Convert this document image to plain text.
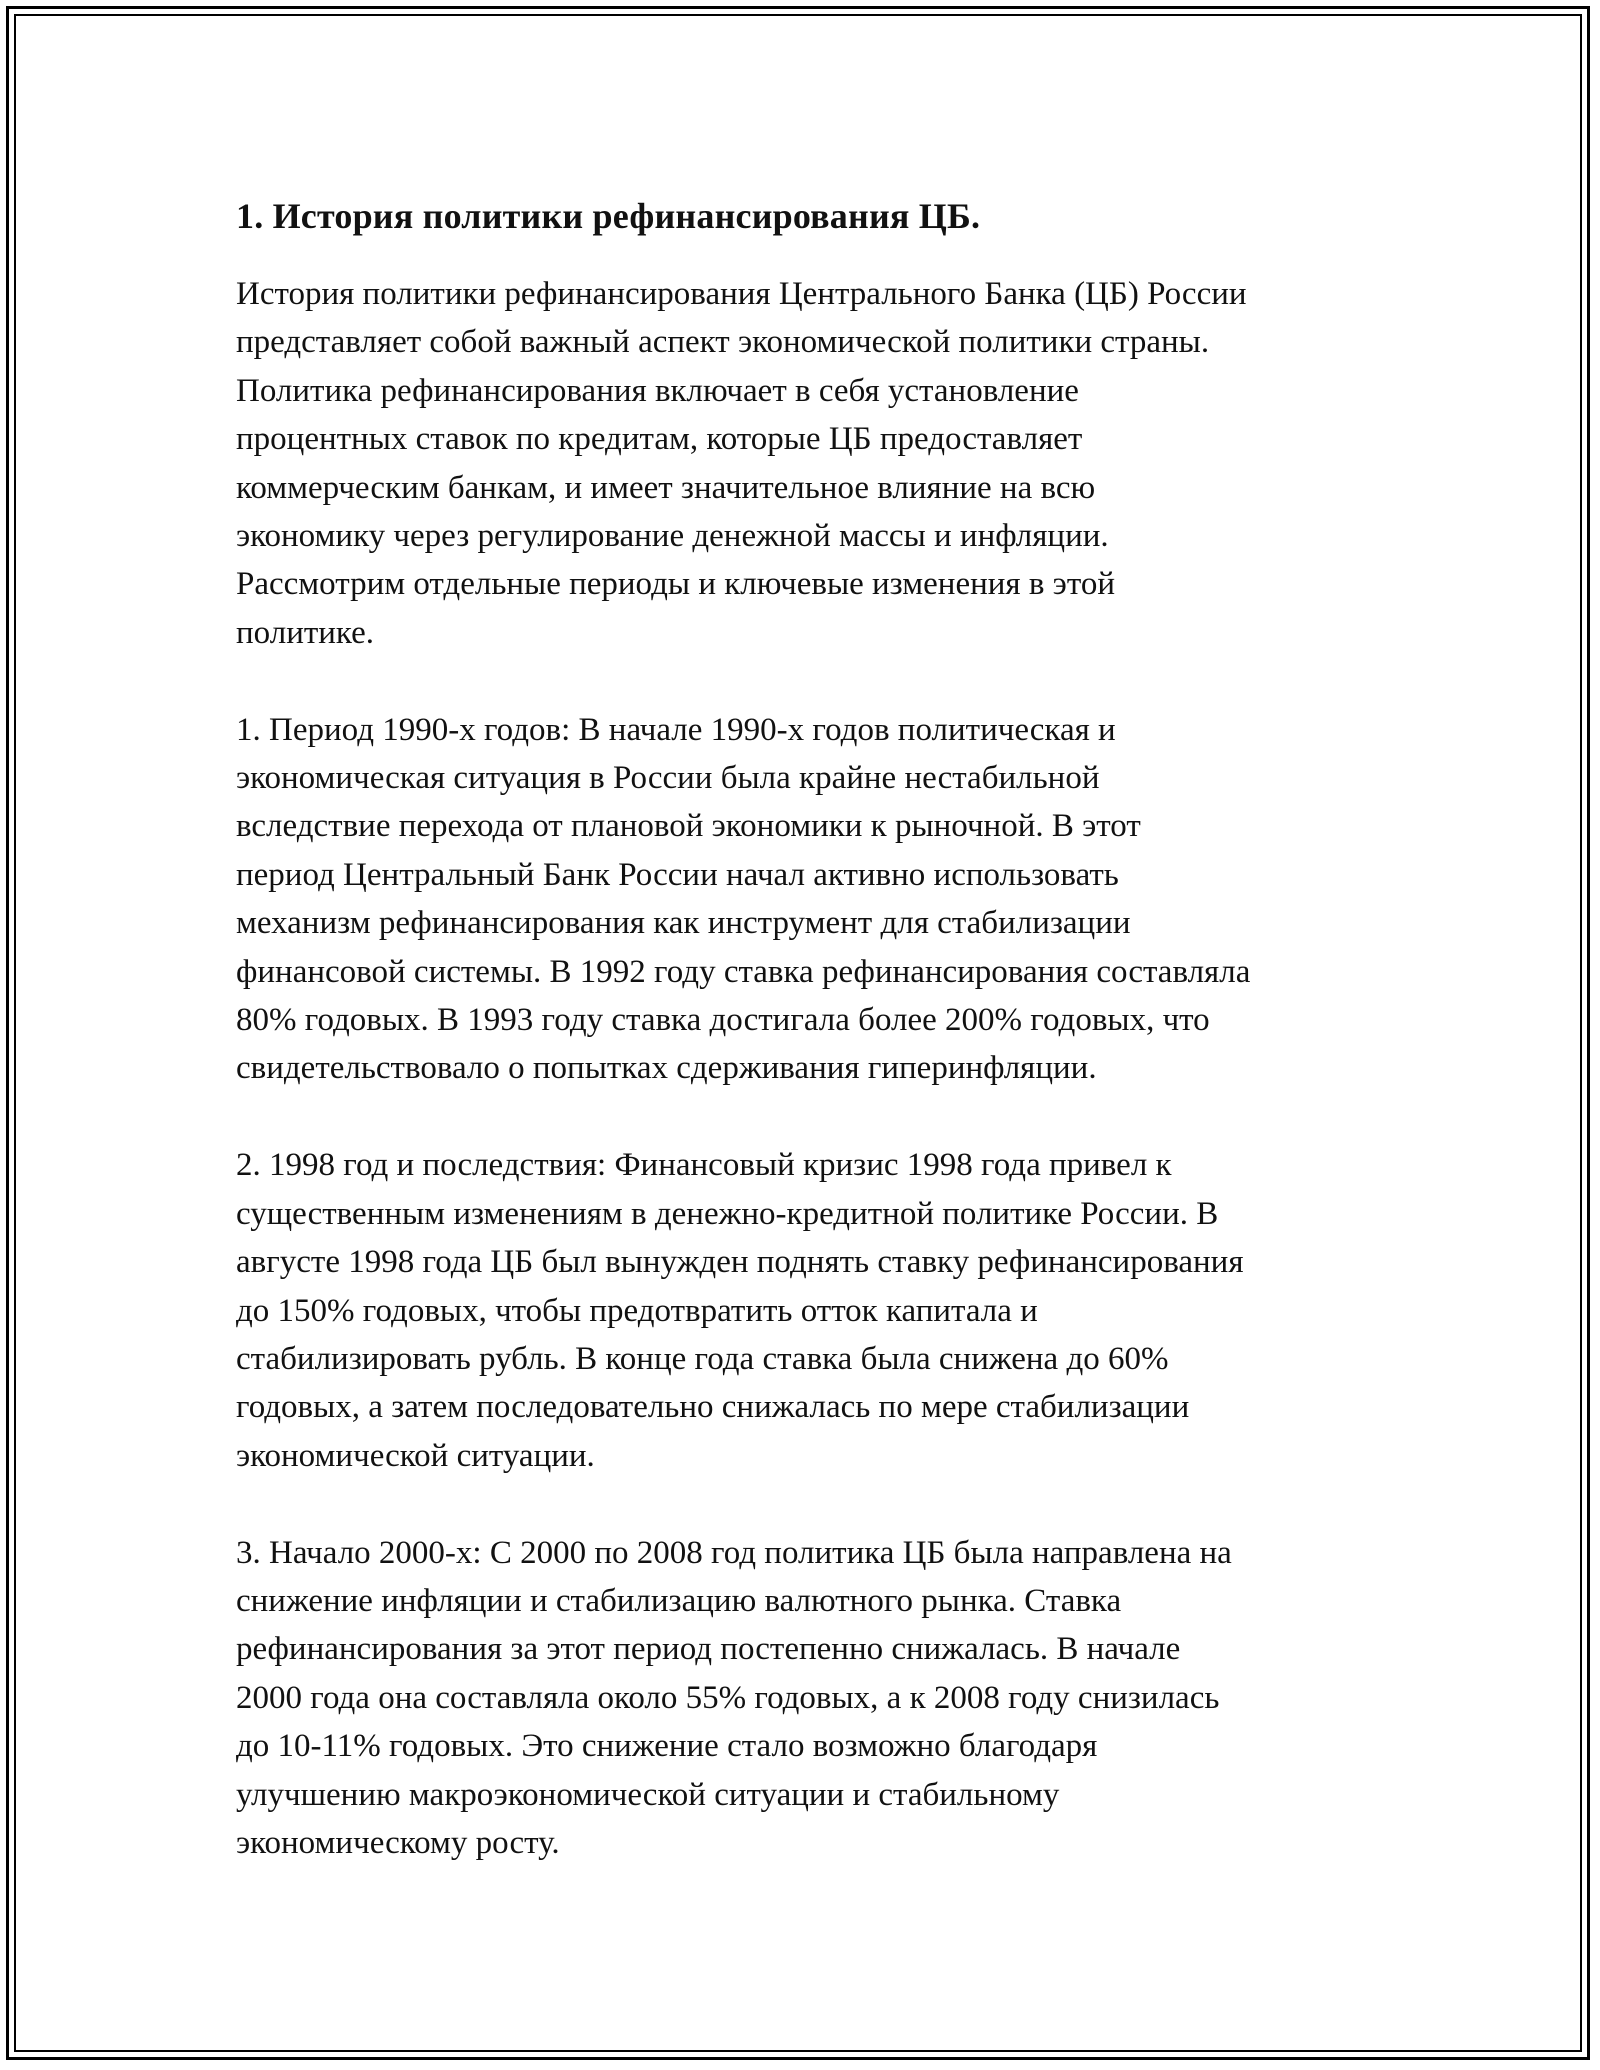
1. История политики рефинансирования ЦБ.
История политики рефинансирования Центрального Банка (ЦБ) России
представляет собой важный аспект экономической политики страны.
Политика рефинансирования включает в себя установление
процентных ставок по кредитам, которые ЦБ предоставляет
коммерческим банкам, и имеет значительное влияние на всю
экономику через регулирование денежной массы и инфляции.
Рассмотрим отдельные периоды и ключевые изменения в этой
политике.
1. Период 1990-х годов: В начале 1990-х годов политическая и
экономическая ситуация в России была крайне нестабильной
вследствие перехода от плановой экономики к рыночной. В этот
период Центральный Банк России начал активно использовать
механизм рефинансирования как инструмент для стабилизации
финансовой системы. В 1992 году ставка рефинансирования составляла
80% годовых. В 1993 году ставка достигала более 200% годовых, что
свидетельствовало о попытках сдерживания гиперинфляции.
2. 1998 год и последствия: Финансовый кризис 1998 года привел к
существенным изменениям в денежно-кредитной политике России. В
августе 1998 года ЦБ был вынужден поднять ставку рефинансирования
до 150% годовых, чтобы предотвратить отток капитала и
стабилизировать рубль. В конце года ставка была снижена до 60%
годовых, а затем последовательно снижалась по мере стабилизации
экономической ситуации.
3. Начало 2000-х: С 2000 по 2008 год политика ЦБ была направлена на
снижение инфляции и стабилизацию валютного рынка. Ставка
рефинансирования за этот период постепенно снижалась. В начале
2000 года она составляла около 55% годовых, а к 2008 году снизилась
до 10-11% годовых. Это снижение стало возможно благодаря
улучшению макроэкономической ситуации и стабильному
экономическому росту.
